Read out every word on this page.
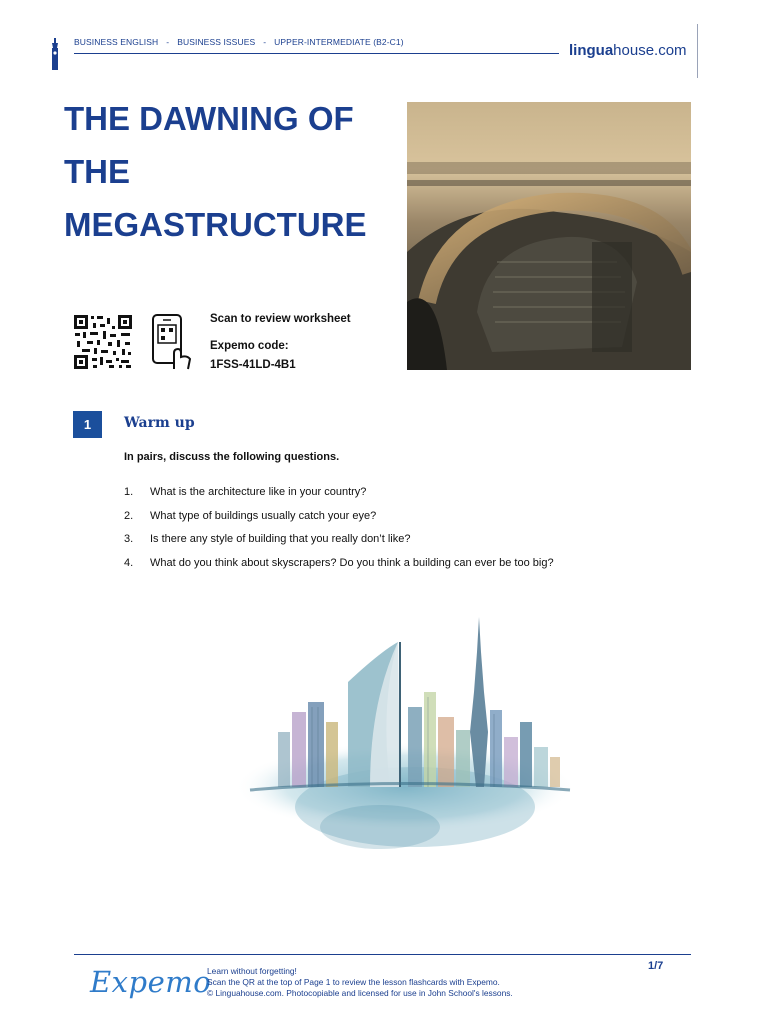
BUSINESS ENGLISH - BUSINESS ISSUES - UPPER-INTERMEDIATE (B2-C1)	linguahouse.com
THE DAWNING OF
THE
MEGASTRUCTURE
Scan to review worksheet
Expemo code:
1FSS-41LD-4B1
1	Warm up
In pairs, discuss the following questions.
1.	What is the architecture like in your country?
2.	What type of buildings usually catch your eye?
3.	Is there any style of building that you really don’t like?
4.	What do you think about skyscrapers? Do you think a building can ever be too big?
Expemo
Learn without forgetting!
Scan the QR at the top of Page 1 to review the lesson flashcards with Expemo.
© Linguahouse.com. Photocopiable and licensed for use in John School's lessons.
1/7
